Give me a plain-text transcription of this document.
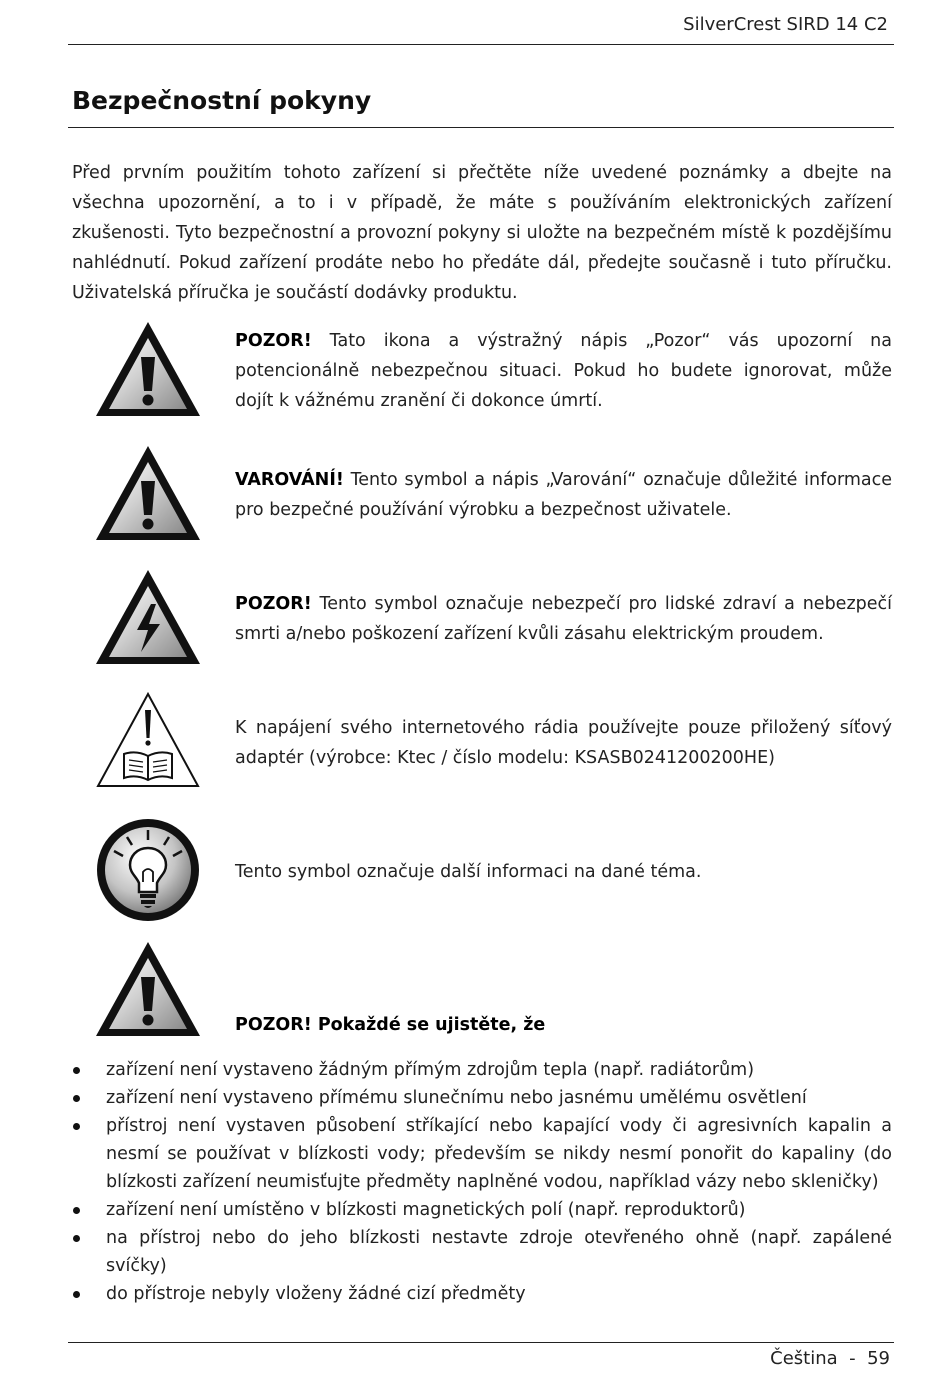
SilverCrest SIRD 14 C2
Bezpečnostní pokyny

Před prvním použitím tohoto zařízení si přečtěte níže uvedené poznámky a dbejte na všechna upozornění, a to i v případě, že máte s používáním elektronických zařízení zkušenosti. Tyto bezpečnostní a provozní pokyny si uložte na bezpečném místě k pozdějšímu nahlédnutí. Pokud zařízení prodáte nebo ho předáte dál, předejte současně i tuto příručku. Uživatelská příručka je součástí dodávky produktu.

POZOR! Tato ikona a výstražný nápis „Pozor“ vás upozorní na potencionálně nebezpečnou situaci. Pokud ho budete ignorovat, může dojít k vážnému zranění či dokonce úmrtí.

VAROVÁNÍ! Tento symbol a nápis „Varování“ označuje důležité informace pro bezpečné používání výrobku a bezpečnost uživatele.

POZOR! Tento symbol označuje nebezpečí pro lidské zdraví a nebezpečí smrti a/nebo poškození zařízení kvůli zásahu elektrickým proudem.

K napájení svého internetového rádia používejte pouze přiložený síťový adaptér (výrobce: Ktec / číslo modelu: KSASB0241200200HE)

Tento symbol označuje další informaci na dané téma.

POZOR! Pokaždé se ujistěte, že

zařízení není vystaveno žádným přímým zdrojům tepla (např. radiátorům)
zařízení není vystaveno přímému slunečnímu nebo jasnému umělému osvětlení
přístroj není vystaven působení stříkající nebo kapající vody či agresivních kapalin a nesmí se používat v blízkosti vody; především se nikdy nesmí ponořit do kapaliny (do blízkosti zařízení neumisťujte předměty naplněné vodou, například vázy nebo skleničky)
zařízení není umístěno v blízkosti magnetických polí (např. reproduktorů)
na přístroj nebo do jeho blízkosti nestavte zdroje otevřeného ohně (např. zapálené svíčky)
do přístroje nebyly vloženy žádné cizí předměty
Čeština - 59
